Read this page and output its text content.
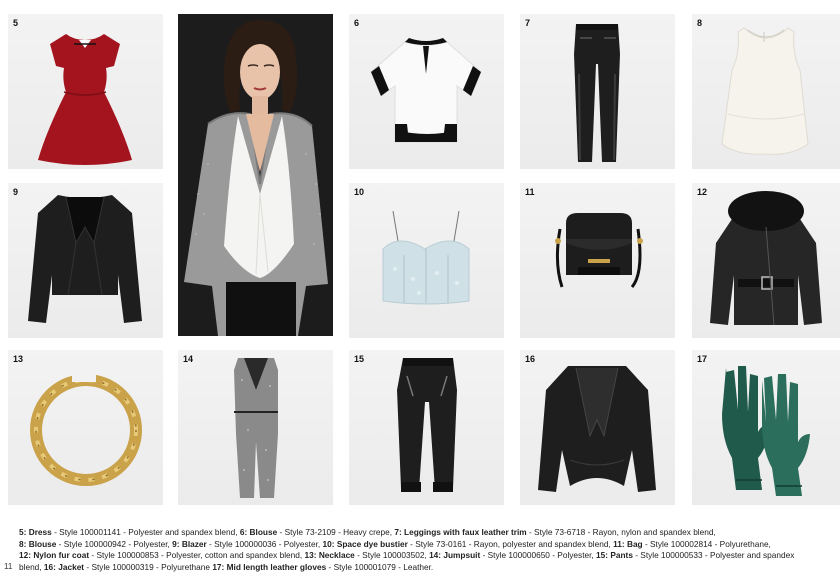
5	6	7	8
9	10	11	12
13	14	15	16	17
5: Dress - Style 100001141 - Polyester and spandex blend, 6: Blouse - Style 73-2109 - Heavy crepe, 7: Leggings with faux leather trim - Style 73-6718 - Rayon, nylon and spandex blend,
8: Blouse - Style 100000942 - Polyester, 9: Blazer - Style 100000036 - Polyester, 10: Space dye bustier - Style 73-0161 - Rayon, polyester and spandex blend, 11: Bag - Style 100002814 - Polyurethane,
12: Nylon fur coat - Style 100000853 - Polyester, cotton and spandex blend, 13: Necklace - Style 100003502, 14: Jumpsuit - Style 100000650 - Polyester, 15: Pants - Style 100000533 - Polyester and spandex blend, 16: Jacket - Style 100000319 - Polyurethane 17: Mid length leather gloves - Style 100001079 - Leather.
11
